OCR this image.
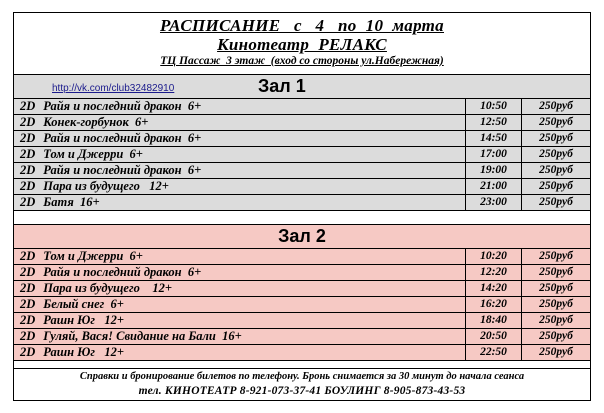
РАСПИСАНИЕ   с   4   по  10  марта
Кинотеатр  РЕЛАКС
ТЦ Пассаж  3 этаж  (вход со стороны ул.Набережная)
http://vk.com/club32482910	Зал 1
2D Райя и последний дракон  6+	10:50	250руб
2D Конек-горбунок  6+	12:50	250руб
2D Райя и последний дракон  6+	14:50	250руб
2D Том и Джерри  6+	17:00	250руб
2D Райя и последний дракон  6+	19:00	250руб
2D Пара из будущего   12+	21:00	250руб
2D Батя  16+	23:00	250руб
Зал 2
2D Том и Джерри  6+	10:20	250руб
2D Райя и последний дракон  6+	12:20	250руб
2D Пара из будущего    12+	14:20	250руб
2D Белый снег  6+	16:20	250руб
2D Рашн Юг   12+	18:40	250руб
2D Гуляй, Вася! Свидание на Бали  16+	20:50	250руб
2D Рашн Юг   12+	22:50	250руб
Справки и бронирование билетов по телефону. Бронь снимается за 30 минут до начала сеанса
тел. КИНОТЕАТР 8-921-073-37-41 БОУЛИНГ 8-905-873-43-53
